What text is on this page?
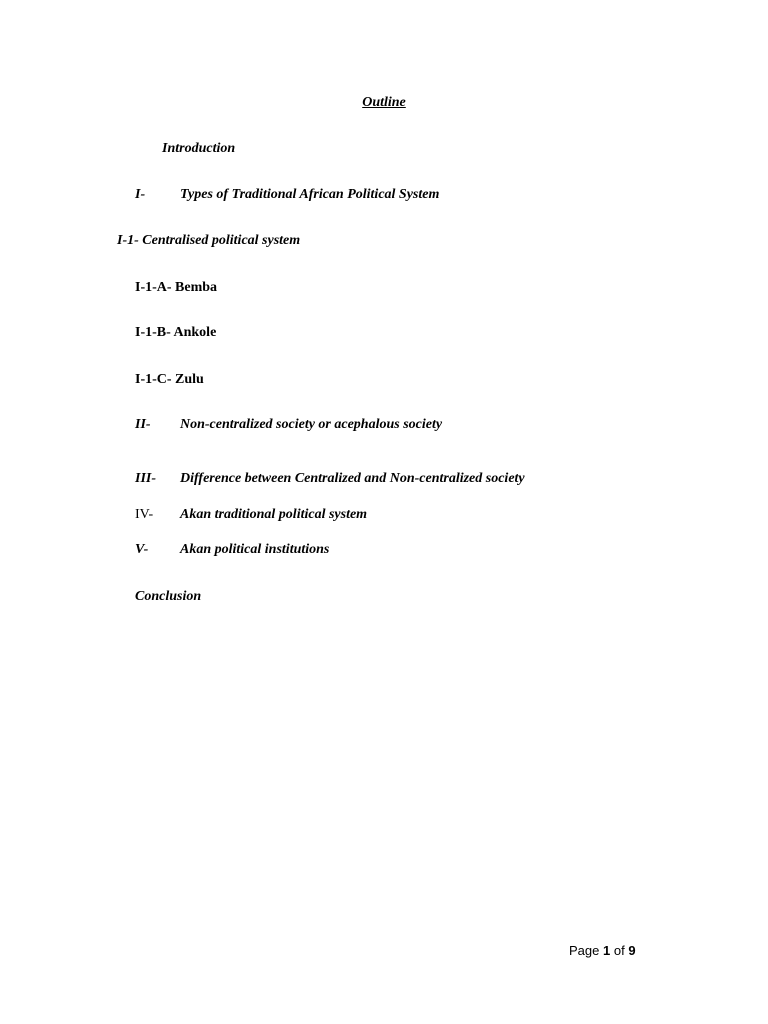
Outline
Introduction
I- Types of Traditional African Political System
I-1- Centralised political system
I-1-A- Bemba
I-1-B- Ankole
I-1-C- Zulu
II- Non-centralized society or acephalous society
III- Difference between Centralized and Non-centralized society
IV- Akan traditional political system
V- Akan political institutions
Conclusion
Page 1 of 9
